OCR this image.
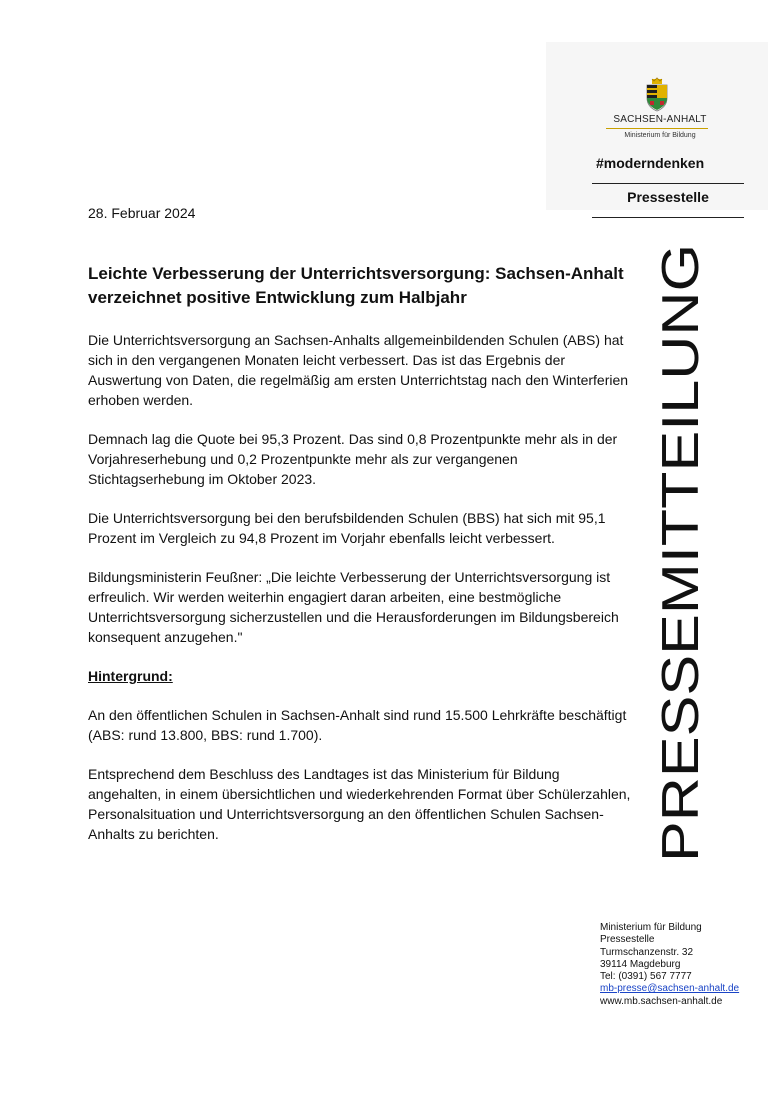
SACHSEN-ANHALT
Ministerium für Bildung
#moderndenken
Pressestelle
28. Februar 2024
Leichte Verbesserung der Unterrichtsversorgung: Sachsen-Anhalt verzeichnet positive Entwicklung zum Halbjahr

Die Unterrichtsversorgung an Sachsen-Anhalts allgemeinbildenden Schulen (ABS) hat sich in den vergangenen Monaten leicht verbessert. Das ist das Ergebnis der Auswertung von Daten, die regelmäßig am ersten Unterrichtstag nach den Winterferien erhoben werden.

Demnach lag die Quote bei 95,3 Prozent. Das sind 0,8 Prozentpunkte mehr als in der Vorjahreserhebung und 0,2 Prozentpunkte mehr als zur vergangenen Stichtagserhebung im Oktober 2023.

Die Unterrichtsversorgung bei den berufsbildenden Schulen (BBS) hat sich mit 95,1 Prozent im Vergleich zu 94,8 Prozent im Vorjahr ebenfalls leicht verbessert.

Bildungsministerin Feußner: „Die leichte Verbesserung der Unterrichtsversorgung ist erfreulich. Wir werden weiterhin engagiert daran arbeiten, eine bestmögliche Unterrichtsversorgung sicherzustellen und die Herausforderungen im Bildungsbereich konsequent anzugehen."

Hintergrund:

An den öffentlichen Schulen in Sachsen-Anhalt sind rund 15.500 Lehrkräfte beschäftigt (ABS: rund 13.800, BBS: rund 1.700).

Entsprechend dem Beschluss des Landtages ist das Ministerium für Bildung angehalten, in einem übersichtlichen und wiederkehrenden Format über Schülerzahlen, Personalsituation und Unterrichtsversorgung an den öffentlichen Schulen Sachsen-Anhalts zu berichten.	PRESSEMITTEILUNG
Ministerium für Bildung
Pressestelle
Turmschanzenstr. 32
39114 Magdeburg
Tel: (0391) 567 7777
mb-presse@sachsen-anhalt.de
www.mb.sachsen-anhalt.de
